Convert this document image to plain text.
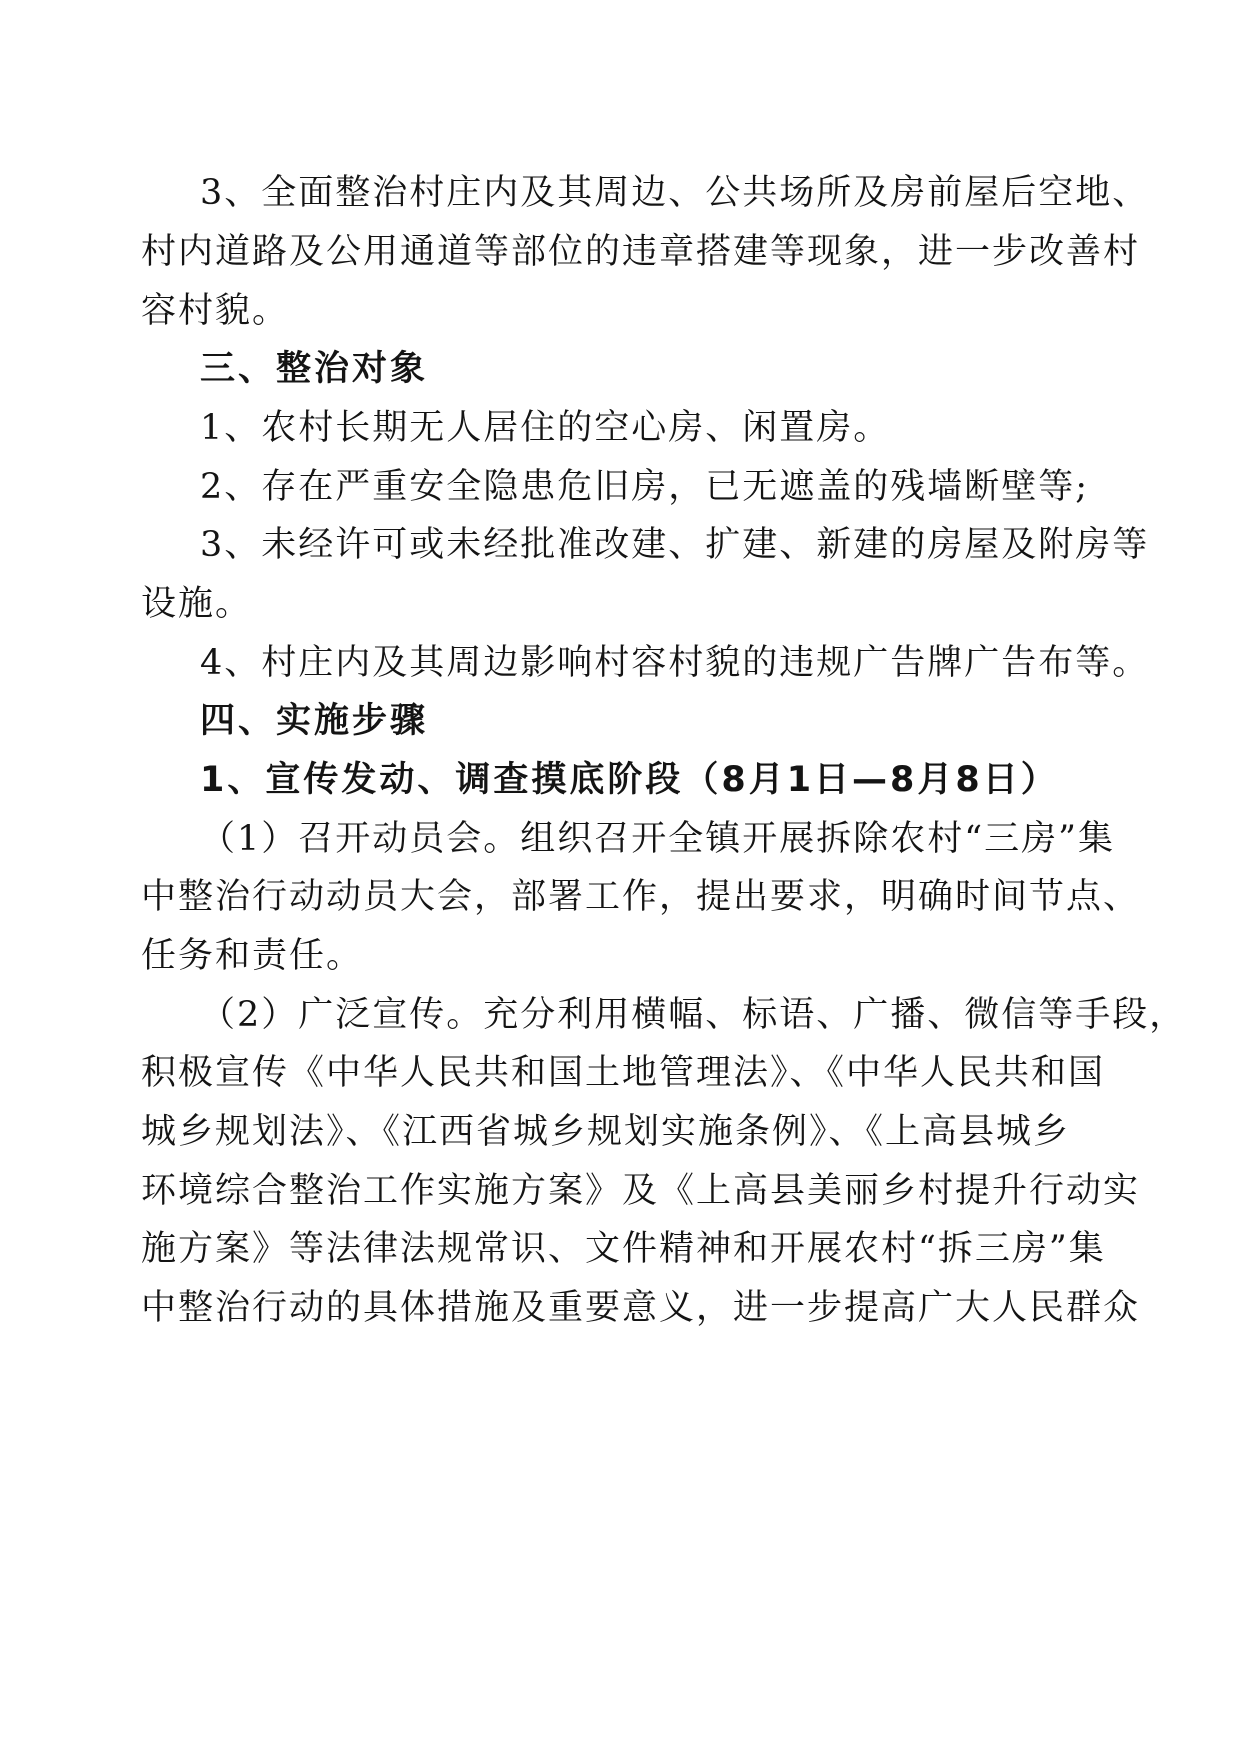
3、全面整治村庄内及其周边、公共场所及房前屋后空地、
村内道路及公用通道等部位的违章搭建等现象，进一步改善村
容村貌。
三、整治对象
1、农村长期无人居住的空心房、闲置房。
2、存在严重安全隐患危旧房，已无遮盖的残墙断壁等;
3、未经许可或未经批准改建、扩建、新建的房屋及附房等
设施。
4、村庄内及其周边影响村容村貌的违规广告牌广告布等。
四、实施步骤
1、宣传发动、调查摸底阶段（8月1日—8月8日）
（1）召开动员会。组织召开全镇开展拆除农村“三房”集
中整治行动动员大会，部署工作，提出要求，明确时间节点、
任务和责任。
（2）广泛宣传。充分利用横幅、标语、广播、微信等手段，
积极宣传《中华人民共和国土地管理法》、《中华人民共和国
城乡规划法》、《江西省城乡规划实施条例》、《上高县城乡
环境综合整治工作实施方案》及《上高县美丽乡村提升行动实
施方案》等法律法规常识、文件精神和开展农村“拆三房”集
中整治行动的具体措施及重要意义，进一步提高广大人民群众
